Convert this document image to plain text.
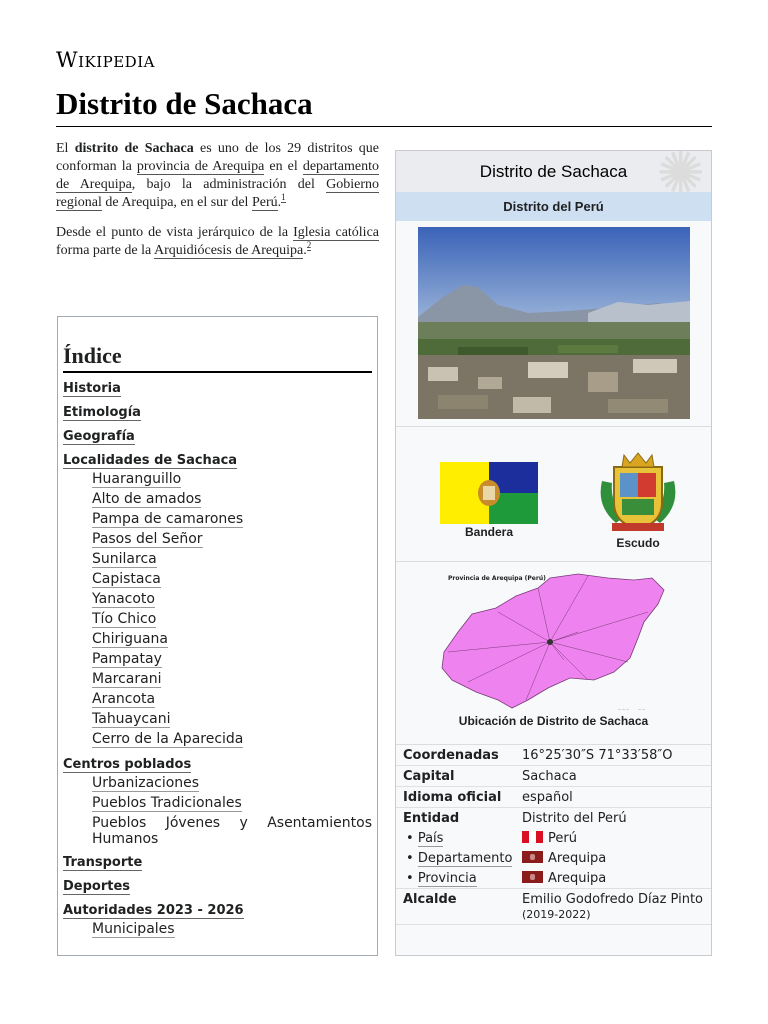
Wikipedia
Distrito de Sachaca

El distrito de Sachaca es uno de los 29 distritos que conforman la provincia de Arequipa en el departamento de Arequipa, bajo la administración del Gobierno regional de Arequipa, en el sur del Perú.$^1$

Desde el punto de vista jerárquico de la Iglesia católica forma parte de la Arquidiócesis de Arequipa.$^2$

Índice
Historia
Etimología
Geografía
Localidades de Sachaca
Huaranguillo
Alto de amados
Pampa de camarones
Pasos del Señor
Sunilarca
Capistaca
Yanacoto
Tío Chico
Chiriguana
Pampatay
Marcarani
Arancota
Tahuaycani
Cerro de la Aparecida
Centros poblados
Urbanizaciones
Pueblos Tradicionales
Pueblos Jóvenes y Asentamientos Humanos
Transporte
Deportes
Autoridades 2023 - 2026
Municipales
Distrito de Sachaca ✺
Distrito del Perú
Bandera
Escudo
Provincia de Arequipa (Perú)
— — —	— —
Ubicación de Distrito de Sachaca
Coordenadas	16°25′30″S 71°33′58″O
Capital	Sachaca
Idioma oficial	español
Entidad	Distrito del Perú
• País	Perú
• Departamento	Arequipa
• Provincia	Arequipa
Alcalde	Emilio Godofredo Díaz Pinto
(2019-2022)
